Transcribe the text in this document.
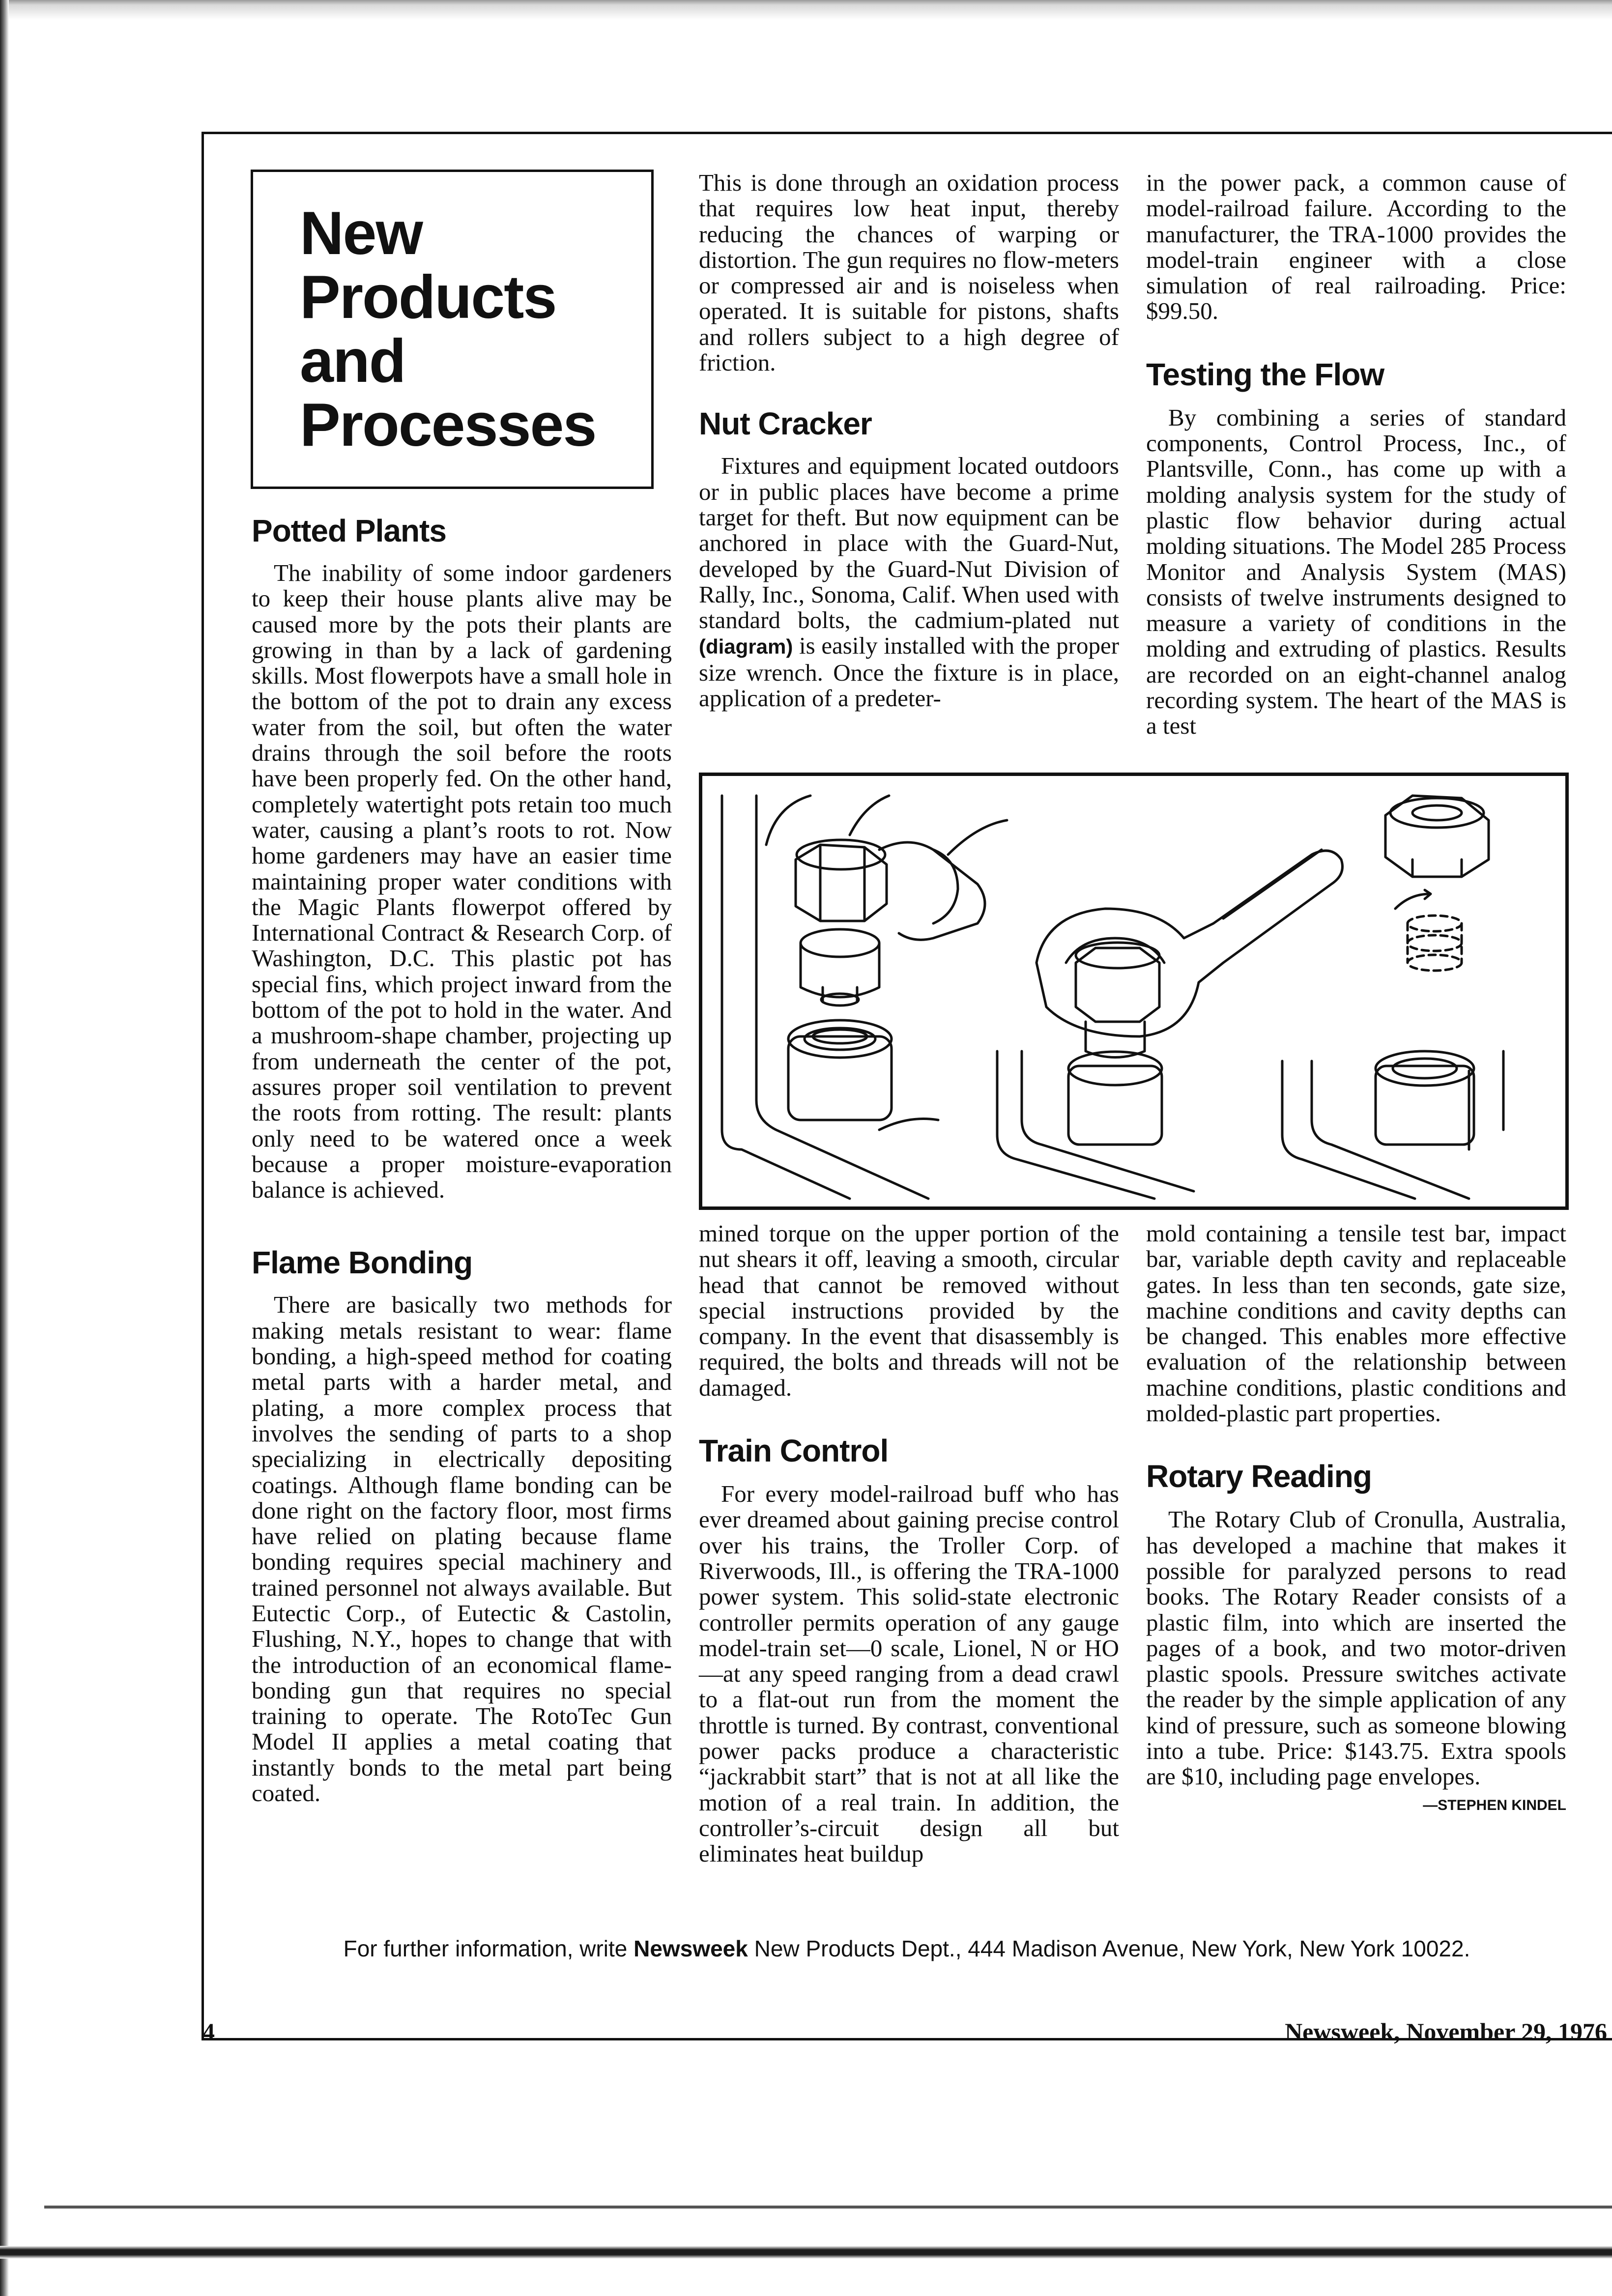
New
Products
and
Processes
Potted Plants

The inability of some indoor gardeners to keep their house plants alive may be caused more by the pots their plants are growing in than by a lack of gardening skills. Most flowerpots have a small hole in the bottom of the pot to drain any excess water from the soil, but often the water drains through the soil before the roots have been properly fed. On the other hand, completely watertight pots retain too much water, causing a plant’s roots to rot. Now home gardeners may have an easier time maintaining proper water conditions with the Magic Plants flowerpot offered by International Contract & Research Corp. of Washington, D.C. This plastic pot has special fins, which project inward from the bottom of the pot to hold in the water. And a mushroom-shape chamber, projecting up from underneath the center of the pot, assures proper soil ventilation to prevent the roots from rotting. The result: plants only need to be watered once a week because a proper moisture-evaporation balance is achieved.

Flame Bonding

There are basically two methods for making metals resistant to wear: flame bonding, a high-speed method for coating metal parts with a harder metal, and plating, a more complex process that involves the sending of parts to a shop specializing in electrically depositing coatings. Although flame bonding can be done right on the factory floor, most firms have relied on plating because flame bonding requires special machinery and trained personnel not always available. But Eutectic Corp., of Eutectic & Castolin, Flushing, N.Y., hopes to change that with the introduction of an economical flame-bonding gun that requires no special training to operate. The RotoTec Gun Model II applies a metal coating that instantly bonds to the metal part being coated.

This is done through an oxidation process that requires low heat input, thereby reducing the chances of warping or distortion. The gun requires no flow-meters or compressed air and is noiseless when operated. It is suitable for pistons, shafts and rollers subject to a high degree of friction.

Nut Cracker

Fixtures and equipment located outdoors or in public places have become a prime target for theft. But now equipment can be anchored in place with the Guard-Nut, developed by the Guard-Nut Division of Rally, Inc., Sonoma, Calif. When used with standard bolts, the cadmium-plated nut (diagram) is easily installed with the proper size wrench. Once the fixture is in place, application of a predeter-

in the power pack, a common cause of model-railroad failure. According to the manufacturer, the TRA-1000 provides the model-train engineer with a close simulation of real railroading. Price: $99.50.

Testing the Flow

By combining a series of standard components, Control Process, Inc., of Plantsville, Conn., has come up with a molding analysis system for the study of plastic flow behavior during actual molding situations. The Model 285 Process Monitor and Analysis System (MAS) consists of twelve instruments designed to measure a variety of conditions in the molding and extruding of plastics. Results are recorded on an eight-channel analog recording system. The heart of the MAS is a test

mined torque on the upper portion of the nut shears it off, leaving a smooth, circular head that cannot be removed without special instructions provided by the company. In the event that disassembly is required, the bolts and threads will not be damaged.

Train Control

For every model-railroad buff who has ever dreamed about gaining precise control over his trains, the Troller Corp. of Riverwoods, Ill., is offering the TRA-1000 power system. This solid-state electronic controller permits operation of any gauge model-train set—0 scale, Lionel, N or HO—at any speed ranging from a dead crawl to a flat-out run from the moment the throttle is turned. By contrast, conventional power packs produce a characteristic “jackrabbit start” that is not at all like the motion of a real train. In addition, the controller’s-circuit design all but eliminates heat buildup

mold containing a tensile test bar, impact bar, variable depth cavity and replaceable gates. In less than ten seconds, gate size, machine conditions and cavity depths can be changed. This enables more effective evaluation of the relationship between machine conditions, plastic conditions and molded-plastic part properties.

Rotary Reading

The Rotary Club of Cronulla, Australia, has developed a machine that makes it possible for paralyzed persons to read books. The Rotary Reader consists of a plastic film, into which are inserted the pages of a book, and two motor-driven plastic spools. Pressure switches activate the reader by the simple application of any kind of pressure, such as someone blowing into a tube. Price: $143.75. Extra spools are $10, including page envelopes.

—STEPHEN KINDEL
For further information, write Newsweek New Products Dept., 444 Madison Avenue, New York, New York 10022.
4	Newsweek, November 29, 1976
